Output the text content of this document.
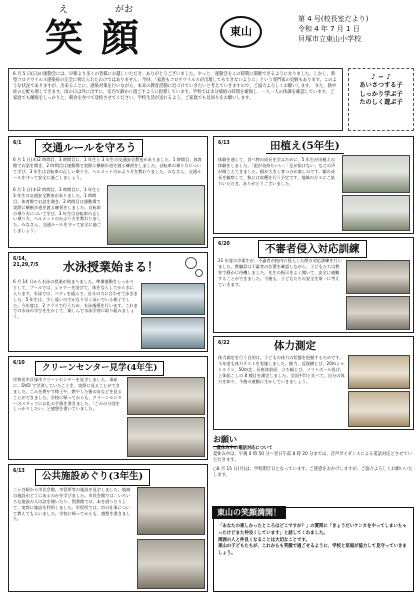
え	がお
笑 顔	東山
第 4 号(校長室だより)
令和 4 年 7 月 1 日
貝塚市立東山小学校
6 月 5 日(日)の運動会には、早朝より多くの皆様にお越しいただき、ありがとうございました。やっと、運動会をこの時期に開催できるようになりました。しかし、新型コロナウイルス感染症の完全に抑えられたわけではありません。今回、「家族もコロナウイルスが出現してもできないように」という専門家の見解もあります。このような状況でありますが、出来ることに、感染対策を行いながら、本来の教育活動に近づけていきたいと考えていきますので、ご協力よろしくお願いします。 また、熱中症の心配も増してきます。雨の日は外に出ずに、室内で静かに過ごすように指導しています。学校では水分補給の時間を確保し、一人一人の体調を確認しています。ご家庭でも睡眠をしっかりと、朝食を食べて登校させてください。学校生活が送れるよう、ご家庭でも見回りをお願いします。
♪ ∽ ♪
あいさつする子
しっかり学ぶ子
たのしく遊ぶ子
6/1	交通ルールを守ろう
6 月 1 日(木)2 時間目、3 時間目に、1 年生と 3 年生の交通安全教室がありました。1 時間目、体育館でお話を聞き、2 時間目は運動場で実際に横断歩道を渡る練習をしました。自転車の乗り方について学び、3 年生は自転車の正しい乗り方、ヘルメットのかぶり方を教わりました。みなさん、交通ルールを守って安全に過ごしましょう。
6 月 1 日(木)2 時間目、3 時間目に、1 年生と 3 年生の交通安全教室がありました。1 時間目、体育館でお話を聞き、2 時間目は運動場で実際に横断歩道を渡る練習をしました。自転車の乗り方について学び、3 年生は自転車の正しい乗り方、ヘルメットのかぶり方を教わりました。みなさん、交通ルールを守って安全に過ごしましょう。
6/13	田植え(5年生)
体験を通して、食べ物の成長を学ぶために、5 年生が田植えの体験をしました。「泥が気持ちいい」「足が抜けない」などの声が聞こえてきました。稲が大きく育つのが楽しみです。稲の成長を観察して、秋には収穫を行う予定です。地域の方々にご協力いただき、ありがとうございました。
6/14, 21,29,7/5	水泳授業始まる！
6 月 14 日から水泳の授業が始まりました。準備運動をしっかりとして、プールでは、シャワーを浴びて、体をならしてから水に入ります。水泳では、バディを組んで、自分の力に合わせて泳ぎました。5 年生は、少し遠いのでかなり早く泳いでいる様子でした。今年度は、2 クラスで行うため、水泳指導を行います。これまでの水泳の学びを生かして、楽しんで水泳学習に取り組みましょう。
6/20	不審者侵入対応訓練
21 年度の卒業生が、不審者が校内に侵入した際の対応訓練を行いました。教職員は不審者の位置を確認しながら、子どもたちは教室で静かに待機しました。先生の指示をよく聞いて、安全に避難することができました。今後も、子どもたちの安全を第一に考えていきます。
6/22	体力測定
体力測定を行う目的は、子どもの体力の状態を把握するためです。今年度も体力テストを実施しました。握力、反復横とび、20mシャトルラン、50m走、長座体前屈、立ち幅とび、ソフトボール投げ、上体起こしの 8 種目を測定しました。全国平均と比べて、自分の体力を知り、今後の運動に生かしていきましょう。
6/10	クリーンセンター見学(4年生)
岸和田市貝塚市クリーンセンターを見学しました。事前に、DVD で学習していたことを、実際に見ることができました。ごみを燃やす様子や、燃やした後の灰などを見ることができました。学校に帰ってからも、クリーンセンターのスタッフにお礼の手紙を書きました。「ごみの分別をしっかりしたい」と感想を書いていました。
6/13	公共施設めぐり(3年生)
三ヶ谷駅から市民会館、市役所等の施設を見学しました。地域の施設がどこにあるのかを学びました。市民会館では、いろいろな施設の人の話を聞いたり、図書館では、本を借りたりして、実際に施設を利用しました。市役所では、市の仕事について教えてもらいました。学校に帰ってからも、感想を書きました。
お願い
○夏休み中の電話対応について
夏休み中は、午後 4 時 50 分～翌日午前 8 時 20 分までは、音声ガイダンスによる電話対応とさせていただきます。
○8 月 15 日(月)は、学校閉庁日となっています。ご迷惑をおかけしますが、ご協力よろしくお願いいたします。
東山の笑顔満開！
「あなたの楽しかったところはどこですか？」の質問に「きょうだいケンカをやってしまいちゃったけどまた仲良くしています」と話してくれました。
周囲の人と仲良くなることは大切なことです。
東山の子どもたちが、これからも笑顔で過ごせるように、学校と家庭が協力して見守っていきましょう。
